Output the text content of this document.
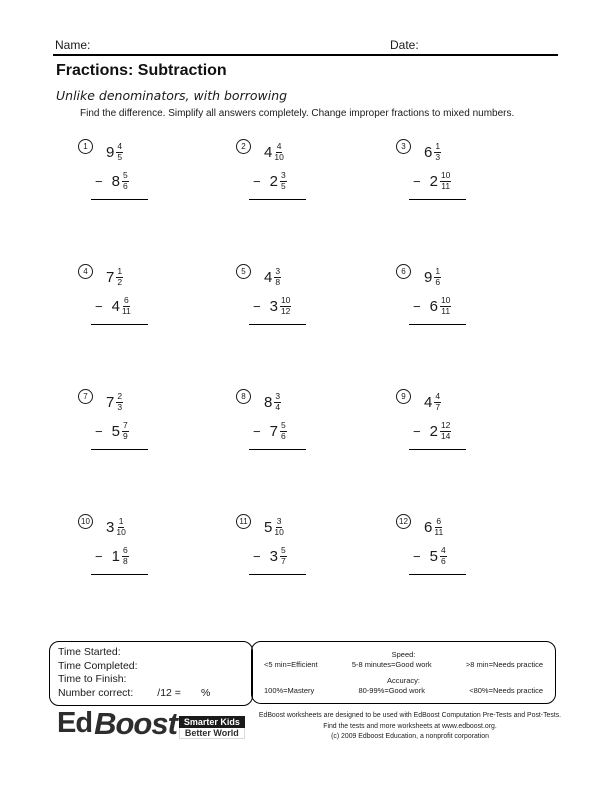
Name:	Date:
Fractions: Subtraction
Unlike denominators, with borrowing
Find the difference. Simplify all answers completely. Change improper fractions to mixed numbers.
1	$9 \frac{4}{5}$
− $8 \frac{5}{6}$
2	$4 \frac{4}{10}$
− $2 \frac{3}{5}$
3	$6 \frac{1}{3}$
− $2 \frac{10}{11}$
4	$7 \frac{1}{2}$
− $4 \frac{6}{11}$
5	$4 \frac{3}{8}$
− $3 \frac{10}{12}$
6	$9 \frac{1}{6}$
− $6 \frac{10}{11}$
7	$7 \frac{2}{3}$
− $5 \frac{7}{9}$
8	$8 \frac{3}{4}$
− $7 \frac{5}{6}$
9	$4 \frac{4}{7}$
− $2 \frac{12}{14}$
10 $3 \frac{1}{10}$
− $1 \frac{6}{8}$
11 $5 \frac{3}{10}$
− $3 \frac{5}{7}$
12 $6 \frac{6}{11}$
− $5 \frac{4}{6}$
Time Started:
Time Completed:
Time to Finish:
Number correct: /12 = %
Speed:
<5 min=Efficient	5-8 minutes=Good work	>8 min=Needs practice
Accuracy:
100%=Mastery	80-99%=Good work	<80%=Needs practice
Ed Boost Smarter Kids
Better World
EdBoost worksheets are designed to be used with EdBoost Computation Pre-Tests and Post-Tests.
Find the tests and more worksheets at www.edboost.org.
(c) 2009 Edboost Education, a nonprofit corporation
